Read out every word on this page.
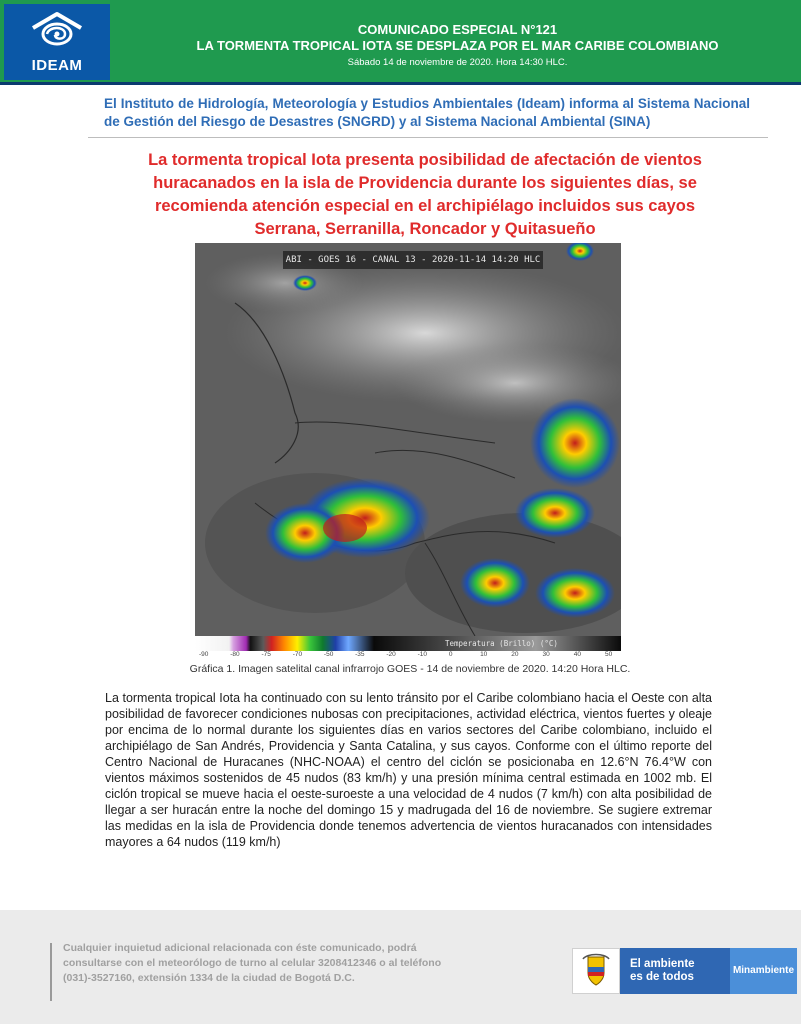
IDEAM
COMUNICADO ESPECIAL N°121
LA TORMENTA TROPICAL IOTA SE DESPLAZA POR EL MAR CARIBE COLOMBIANO
Sábado 14 de noviembre de 2020. Hora 14:30 HLC.
El Instituto de Hidrología, Meteorología y Estudios Ambientales (Ideam) informa al Sistema Nacional de Gestión del Riesgo de Desastres (SNGRD) y al Sistema Nacional Ambiental (SINA)
La tormenta tropical Iota presenta posibilidad de afectación de vientos huracanados en la isla de Providencia durante los siguientes días, se recomienda atención especial en el archipiélago incluidos sus cayos Serrana, Serranilla, Roncador y Quitasueño
ABI - GOES 16 - CANAL 13 - 2020-11-14 14:20 HLC
Temperatura (Brillo) (°C)
-90	-80	-75	-70	-50	-35	-20	-10	0	10	20	30	40	50
Gráfica 1. Imagen satelital canal infrarrojo GOES - 14 de noviembre de 2020. 14:20 Hora HLC.
La tormenta tropical Iota ha continuado con su lento tránsito por el Caribe colombiano hacia el Oeste con alta posibilidad de favorecer condiciones nubosas con precipitaciones, actividad eléctrica, vientos fuertes y oleaje por encima de lo normal durante los siguientes días en varios sectores del Caribe colombiano, incluido el archipiélago de San Andrés, Providencia y Santa Catalina, y sus cayos. Conforme con el último reporte del Centro Nacional de Huracanes (NHC-NOAA) el centro del ciclón se posicionaba en 12.6°N 76.4°W con vientos máximos sostenidos de 45 nudos (83 km/h) y una presión mínima central estimada en 1002 mb. El ciclón tropical se mueve hacia el oeste-suroeste a una velocidad de 4 nudos (7 km/h) con alta posibilidad de llegar a ser huracán entre la noche del domingo 15 y madrugada del 16 de noviembre. Se sugiere extremar las medidas en la isla de Providencia donde tenemos advertencia de vientos huracanados con intensidades mayores a 64 nudos (119 km/h)
Cualquier inquietud adicional relacionada con éste comunicado, podrá consultarse con el meteorólogo de turno al celular 3208412346 o al teléfono (031)-3527160, extensión 1334 de la ciudad de Bogotá D.C.
El ambiente
es de todos
Minambiente
